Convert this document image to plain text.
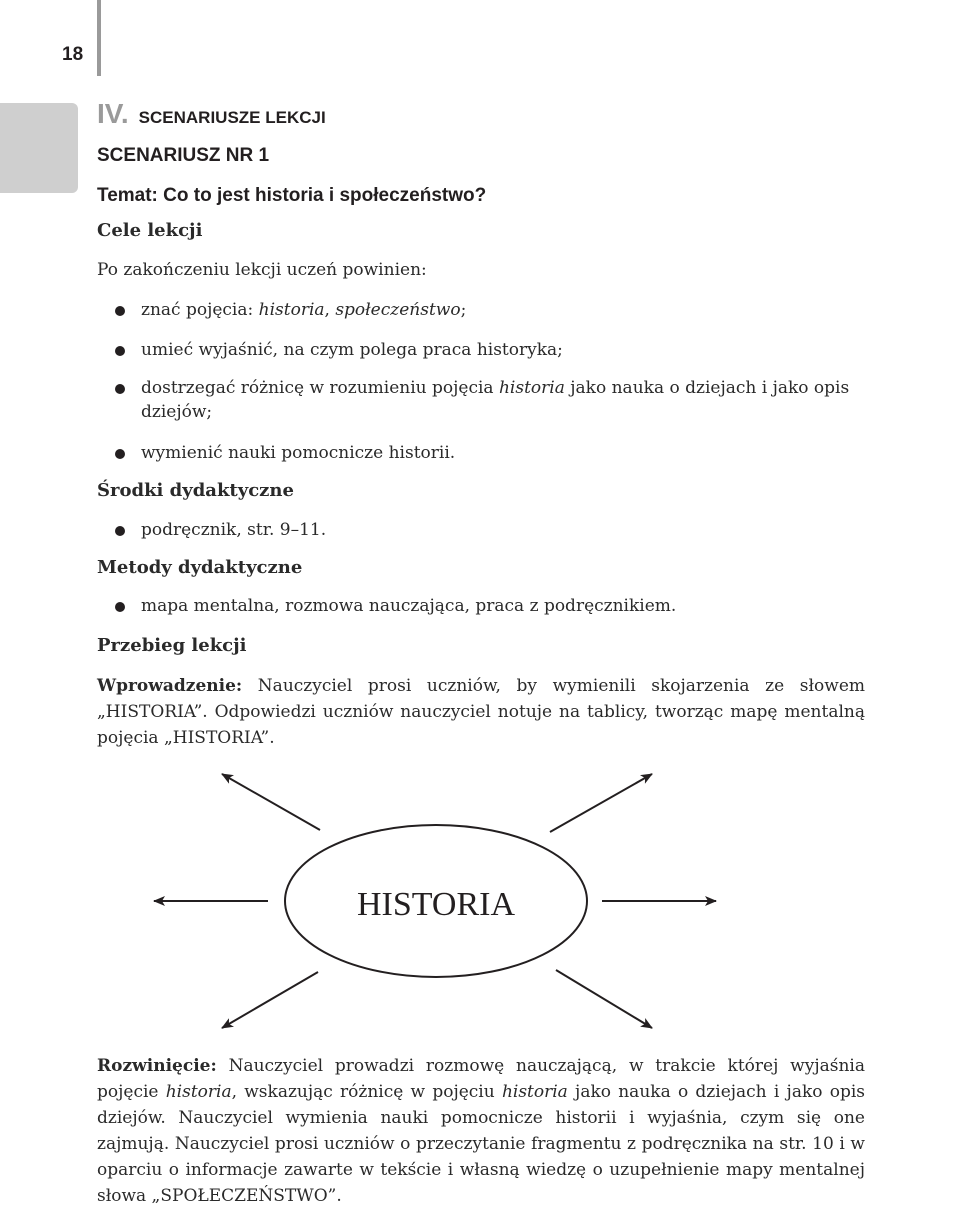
18
IV. SCENARIUSZE LEKCJI
SCENARIUSZ NR 1
Temat: Co to jest historia i społeczeństwo?
Cele lekcji
Po zakończeniu lekcji uczeń powinien:
znać pojęcia: historia, społeczeństwo;
umieć wyjaśnić, na czym polega praca historyka;
dostrzegać różnicę w rozumieniu pojęcia historia jako nauka o dziejach i jako opis dziejów;
wymienić nauki pomocnicze historii.
Środki dydaktyczne
podręcznik, str. 9–11.
Metody dydaktyczne
mapa mentalna, rozmowa nauczająca, praca z podręcznikiem.
Przebieg lekcji
Wprowadzenie: Nauczyciel prosi uczniów, by wymienili skojarzenia ze słowem „HISTORIA”. Odpowiedzi uczniów nauczyciel notuje na tablicy, tworząc mapę mentalną pojęcia „HISTORIA”.
HISTORIA
Rozwinięcie: Nauczyciel prowadzi rozmowę nauczającą, w trakcie której wyjaśnia pojęcie historia, wskazując różnicę w pojęciu historia jako nauka o dziejach i jako opis dziejów. Nauczyciel wymienia nauki pomocnicze historii i wyjaśnia, czym się one zajmują. Nauczyciel prosi uczniów o przeczytanie fragmentu z podręcznika na str. 10 i w oparciu o informacje zawarte w tekście i własną wiedzę o uzupełnienie mapy mentalnej słowa „SPOŁECZEŃSTWO”.
